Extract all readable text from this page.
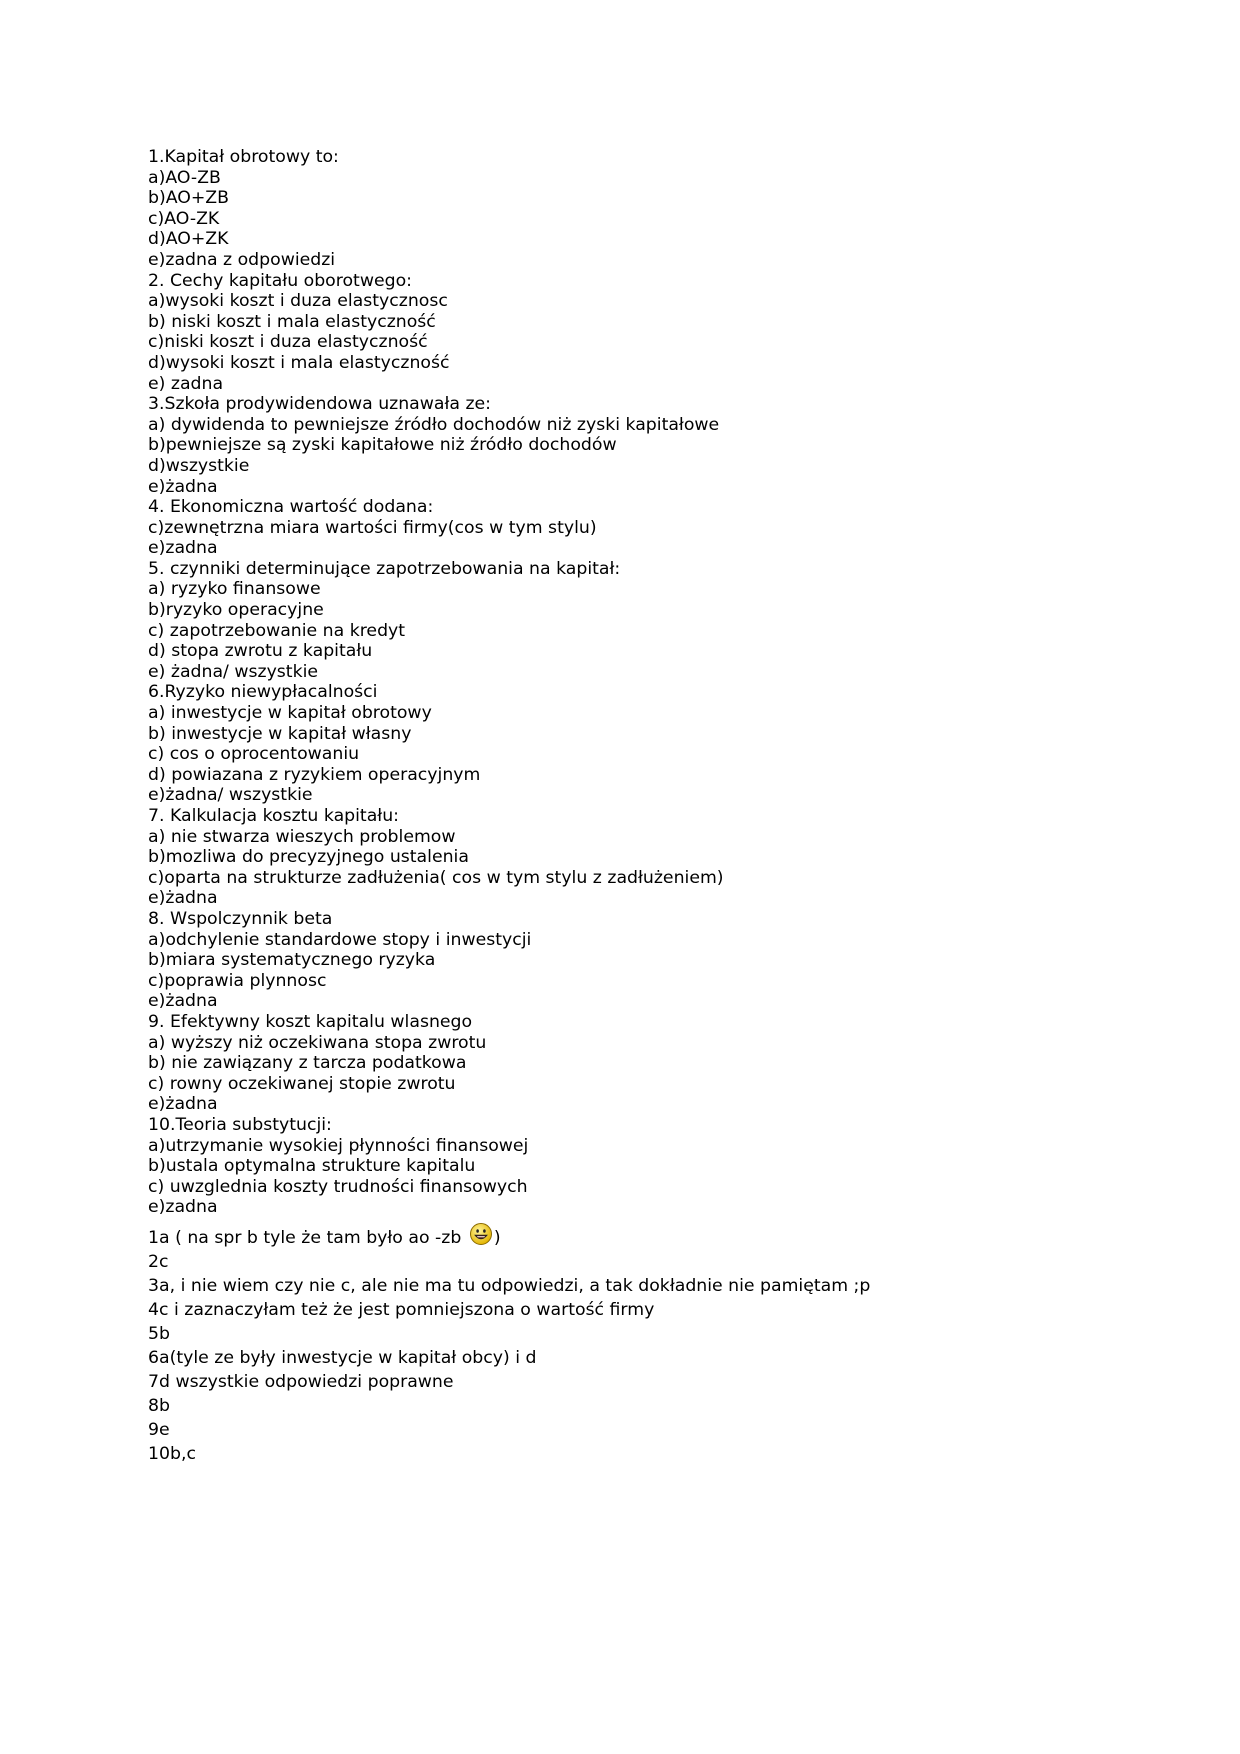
1.Kapitał obrotowy to:
a)AO-ZB
b)AO+ZB
c)AO-ZK
d)AO+ZK
e)zadna z odpowiedzi
2. Cechy kapitału oborotwego:
a)wysoki koszt i duza elastycznosc
b) niski koszt i mala elastyczność
c)niski koszt i duza elastyczność
d)wysoki koszt i mala elastyczność
e) zadna
3.Szkoła prodywidendowa uznawała ze:
a) dywidenda to pewniejsze źródło dochodów niż zyski kapitałowe
b)pewniejsze są zyski kapitałowe niż źródło dochodów
d)wszystkie
e)żadna
4. Ekonomiczna wartość dodana:
c)zewnętrzna miara wartości firmy(cos w tym stylu)
e)zadna
5. czynniki determinujące zapotrzebowania na kapitał:
a) ryzyko finansowe
b)ryzyko operacyjne
c) zapotrzebowanie na kredyt
d) stopa zwrotu z kapitału
e) żadna/ wszystkie
6.Ryzyko niewypłacalności
a) inwestycje w kapitał obrotowy
b) inwestycje w kapitał własny
c) cos o oprocentowaniu
d) powiazana z ryzykiem operacyjnym
e)żadna/ wszystkie
7. Kalkulacja kosztu kapitału:
a) nie stwarza wieszych problemow
b)mozliwa do precyzyjnego ustalenia
c)oparta na strukturze zadłużenia( cos w tym stylu z zadłużeniem)
e)żadna
8. Wspolczynnik beta
a)odchylenie standardowe stopy i inwestycji
b)miara systematycznego ryzyka
c)poprawia plynnosc
e)żadna
9. Efektywny koszt kapitalu wlasnego
a) wyższy niż oczekiwana stopa zwrotu
b) nie zawiązany z tarcza podatkowa
c) rowny oczekiwanej stopie zwrotu
e)żadna
10.Teoria substytucji:
a)utrzymanie wysokiej płynności finansowej
b)ustala optymalna strukture kapitalu
c) uwzglednia koszty trudności finansowych
e)zadna
1a ( na spr b tyle że tam było ao -zb )
2c
3a, i nie wiem czy nie c, ale nie ma tu odpowiedzi, a tak dokładnie nie pamiętam ;p
4c i zaznaczyłam też że jest pomniejszona o wartość firmy
5b
6a(tyle ze były inwestycje w kapitał obcy) i d
7d wszystkie odpowiedzi poprawne
8b
9e
10b,c
